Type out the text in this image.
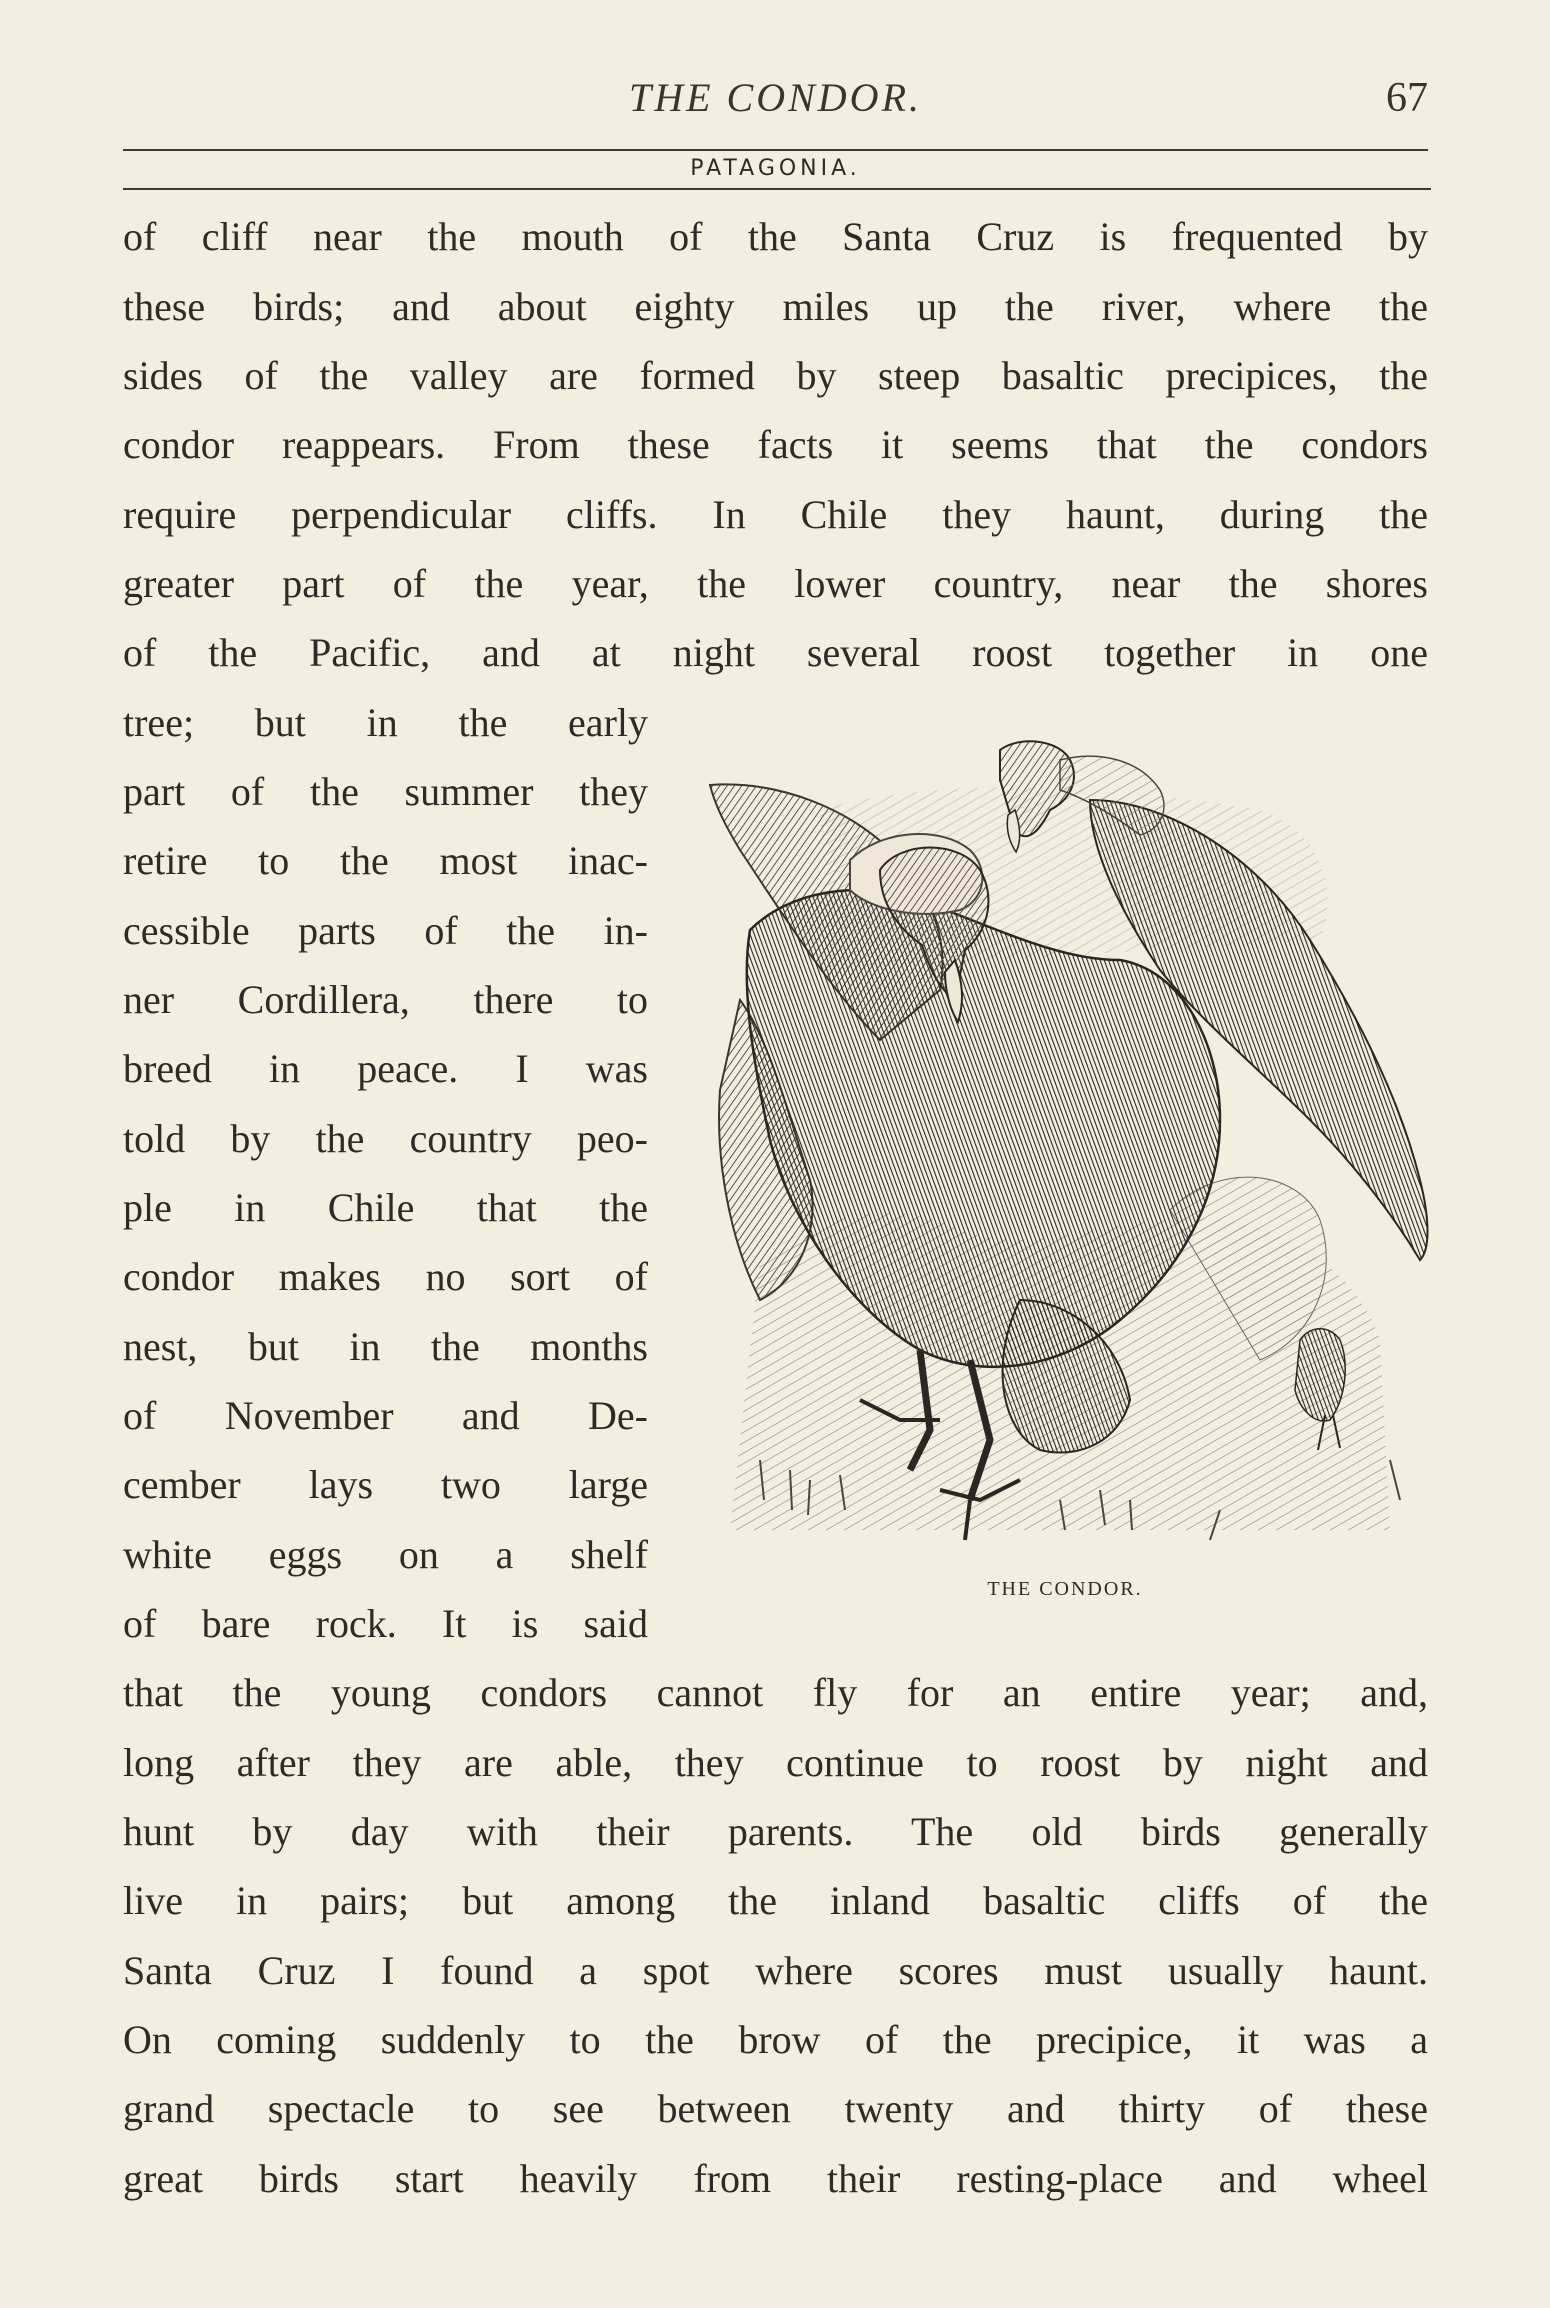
THE CONDOR.	67
PATAGONIA.
of cliff near the mouth of the Santa Cruz is frequented by
these birds; and about eighty miles up the river, where the
sides of the valley are formed by steep basaltic precipices, the
condor reappears. From these facts it seems that the condors
require perpendicular cliffs. In Chile they haunt, during the
greater part of the year, the lower country, near the shores
of the Pacific, and at night several roost together in one
tree; but in the early
part of the summer they
retire to the most inac-
cessible parts of the in-
ner Cordillera, there to
breed in peace. I was
told by the country peo-
ple in Chile that the
condor makes no sort of
nest, but in the months
of November and De-
cember lays two large
white eggs on a shelf
of bare rock. It is said
that the young condors cannot fly for an entire year; and,
long after they are able, they continue to roost by night and
hunt by day with their parents. The old birds generally
live in pairs; but among the inland basaltic cliffs of the
Santa Cruz I found a spot where scores must usually haunt.
On coming suddenly to the brow of the precipice, it was a
grand spectacle to see between twenty and thirty of these
great birds start heavily from their resting-place and wheel
THE CONDOR.
